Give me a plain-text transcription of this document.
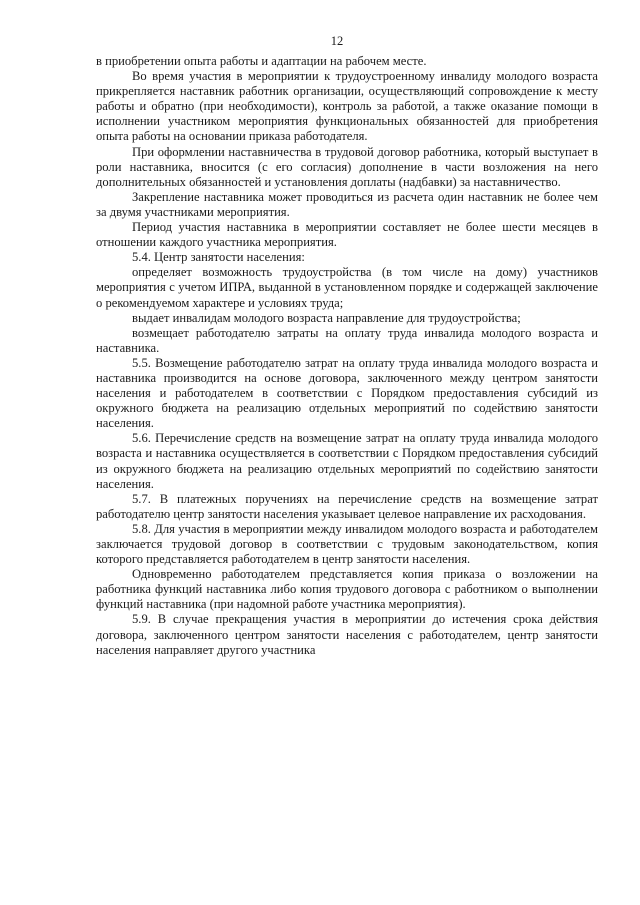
12

в приобретении опыта работы и адаптации на рабочем месте.

Во время участия в мероприятии к трудоустроенному инвалиду молодого возраста прикрепляется наставник работник организации, осуществляющий сопровождение к месту работы и обратно (при необходимости), контроль за работой, а также оказание помощи в исполнении участником мероприятия функциональных обязанностей для приобретения опыта работы на основании приказа работодателя.

При оформлении наставничества в трудовой договор работника, который выступает в роли наставника, вносится (с его согласия) дополнение в части возложения на него дополнительных обязанностей и установления доплаты (надбавки) за наставничество.

Закрепление наставника может проводиться из расчета один наставник не более чем за двумя участниками мероприятия.

Период участия наставника в мероприятии составляет не более шести месяцев в отношении каждого участника мероприятия.

5.4. Центр занятости населения:

определяет возможность трудоустройства (в том числе на дому) участников мероприятия с учетом ИПРА, выданной в установленном порядке и содержащей заключение о рекомендуемом характере и условиях труда;

выдает инвалидам молодого возраста направление для трудоустройства;

возмещает работодателю затраты на оплату труда инвалида молодого возраста и наставника.

5.5. Возмещение работодателю затрат на оплату труда инвалида молодого возраста и наставника производится на основе договора, заключенного между центром занятости населения и работодателем в соответствии с Порядком предоставления субсидий из окружного бюджета на реализацию отдельных мероприятий по содействию занятости населения.

5.6. Перечисление средств на возмещение затрат на оплату труда инвалида молодого возраста и наставника осуществляется в соответствии с Порядком предоставления субсидий из окружного бюджета на реализацию отдельных мероприятий по содействию занятости населения.

5.7. В платежных поручениях на перечисление средств на возмещение затрат работодателю центр занятости населения указывает целевое направление их расходования.

5.8. Для участия в мероприятии между инвалидом молодого возраста и работодателем заключается трудовой договор в соответствии с трудовым законодательством, копия которого представляется работодателем в центр занятости населения.

Одновременно работодателем представляется копия приказа о возложении на работника функций наставника либо копия трудового договора с работником о выполнении функций наставника (при надомной работе участника мероприятия).

5.9. В случае прекращения участия в мероприятии до истечения срока действия договора, заключенного центром занятости населения с работодателем, центр занятости населения направляет другого участника
